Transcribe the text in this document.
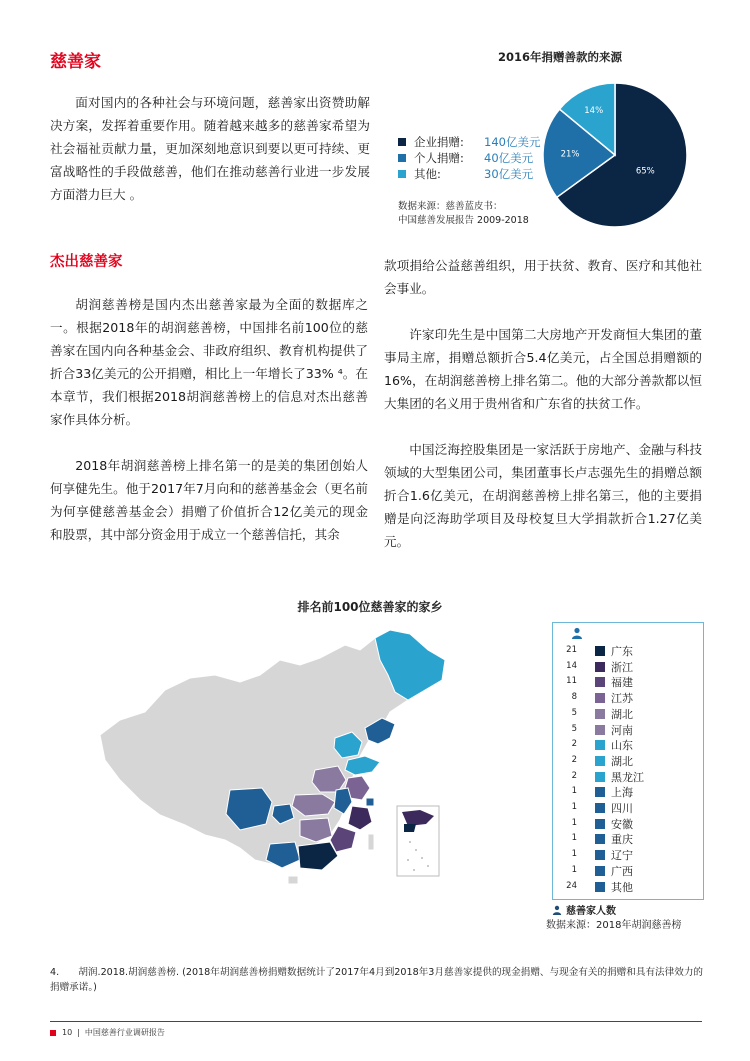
慈善家

面对国内的各种社会与环境问题，慈善家出资赞助解决方案，发挥着重要作用。随着越来越多的慈善家希望为社会福祉贡献力量，更加深刻地意识到要以更可持续、更富战略性的手段做慈善，他们在推动慈善行业进一步发展方面潜力巨大 。

2016年捐赠善款的来源
65%
21%
14%
企业捐赠: 140亿美元
个人捐赠: 40亿美元
其他:	30亿美元
数据来源：慈善蓝皮书：
中国慈善发展报告 2009-2018
杰出慈善家

胡润慈善榜是国内杰出慈善家最为全面的数据库之一。根据2018年的胡润慈善榜，中国排名前100位的慈善家在国内向各种基金会、非政府组织、教育机构提供了折合33亿美元的公开捐赠，相比上一年增长了33% ⁴。在本章节，我们根据2018胡润慈善榜上的信息对杰出慈善家作具体分析。

2018年胡润慈善榜上排名第一的是美的集团创始人何享健先生。他于2017年7月向和的慈善基金会（更名前为何享健慈善基金会）捐赠了价值折合12亿美元的现金和股票，其中部分资金用于成立一个慈善信托，其余

款项捐给公益慈善组织，用于扶贫、教育、医疗和其他社会事业。

许家印先生是中国第二大房地产开发商恒大集团的董事局主席，捐赠总额折合5.4亿美元，占全国总捐赠额的16%，在胡润慈善榜上排名第二。他的大部分善款都以恒大集团的名义用于贵州省和广东省的扶贫工作。

中国泛海控股集团是一家活跃于房地产、金融与科技领域的大型集团公司，集团董事长卢志强先生的捐赠总额折合1.6亿美元，在胡润慈善榜上排名第三，他的主要捐赠是向泛海助学项目及母校复旦大学捐款折合1.27亿美元。

排名前100位慈善家的家乡
21	广东
14	浙江
11	福建
8	江苏
5	湖北
5	河南
2	山东
2	湖北
2	黑龙江
1	上海
1	四川
1	安徽
1	重庆
1	辽宁
1	广西
24	其他
慈善家人数
数据来源：2018年胡润慈善榜
4.　　胡润.2018.胡润慈善榜. (2018年胡润慈善榜捐赠数据统计了2017年4月到2018年3月慈善家提供的现金捐赠、与现金有关的捐赠和具有法律效力的捐赠承诺。)
10 | 中国慈善行业调研报告
